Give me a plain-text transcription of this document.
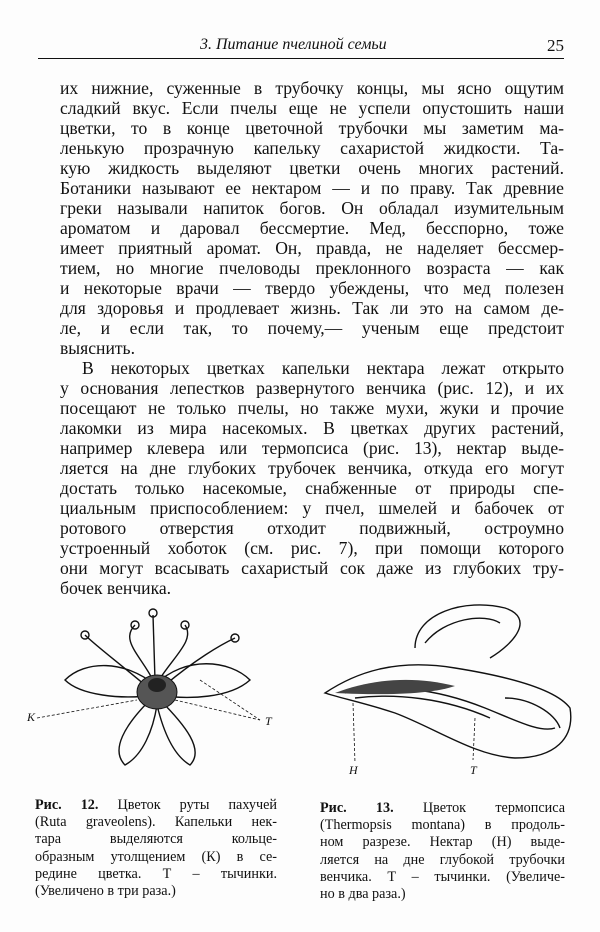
3. Питание пчелиной семьи	25
их нижние, суженные в трубочку концы, мы ясно ощутим
сладкий вкус. Если пчелы еще не успели опустошить наши
цветки, то в конце цветочной трубочки мы заметим ма-
ленькую прозрачную капельку сахаристой жидкости. Та-
кую жидкость выделяют цветки очень многих растений.
Ботаники называют ее нектаром — и по праву. Так древние
греки называли напиток богов. Он обладал изумительным
ароматом и даровал бессмертие. Мед, бесспорно, тоже
имеет приятный аромат. Он, правда, не наделяет бессмер-
тием, но многие пчеловоды преклонного возраста — как
и некоторые врачи — твердо убеждены, что мед полезен
для здоровья и продлевает жизнь. Так ли это на самом де-
ле, и если так, то почему,— ученым еще предстоит
выяснить.
В некоторых цветках капельки нектара лежат открыто
у основания лепестков развернутого венчика (рис. 12), и их
посещают не только пчелы, но также мухи, жуки и прочие
лакомки из мира насекомых. В цветках других растений,
например клевера или термопсиса (рис. 13), нектар выде-
ляется на дне глубоких трубочек венчика, откуда его могут
достать только насекомые, снабженные от природы спе-
циальным приспособлением: у пчел, шмелей и бабочек от
ротового отверстия отходит подвижный, остроумно
устроенный хоботок (см. рис. 7), при помощи которого
они могут всасывать сахаристый сок даже из глубоких тру-
бочек венчика.
К	Т
Н	Т
Рис. 12. Цветок руты пахучей
(Ruta graveolens). Капельки нек-
тара выделяются кольце-
образным утолщением (К) в се-
редине цветка. Т – тычинки.
(Увеличено в три раза.)
Рис. 13. Цветок термопсиса
(Thermopsis montana) в продоль-
ном разрезе. Нектар (Н) выде-
ляется на дне глубокой трубочки
венчика. Т – тычинки. (Увеличе-
но в два раза.)
